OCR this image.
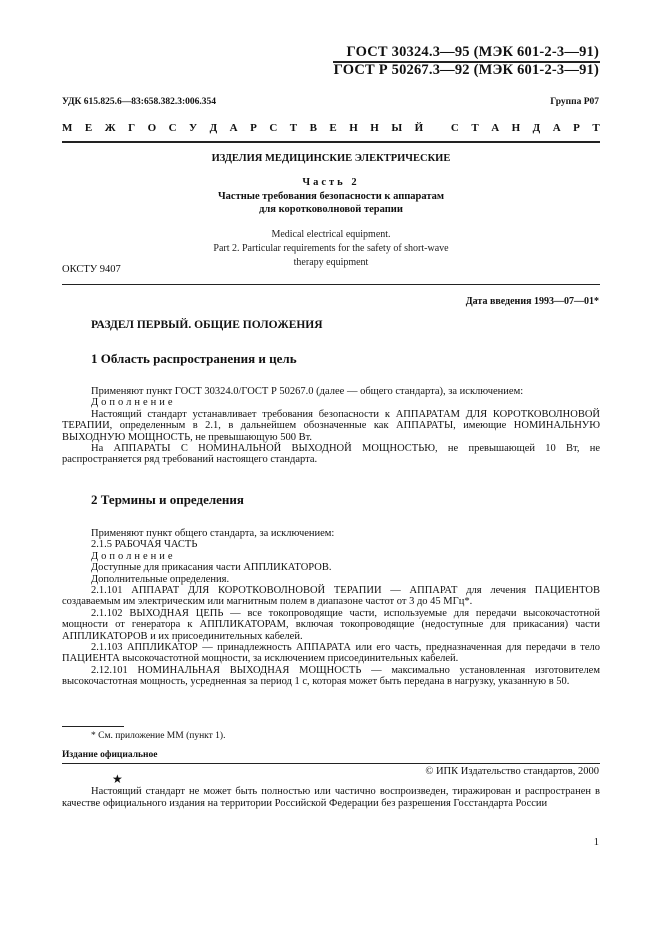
ГОСТ 30324.3—95 (МЭК 601-2-3—91)
ГОСТ Р 50267.3—92 (МЭК 601-2-3—91)
УДК 615.825.6—83:658.382.3:006.354	Группа Р07
М Е Ж Г О С У Д А Р С Т В Е Н Н Ы Й
	С Т А Н Д А Р Т
ИЗДЕЛИЯ МЕДИЦИНСКИЕ ЭЛЕКТРИЧЕСКИЕ
Часть 2
Частные требования безопасности к аппаратам
для коротковолновой терапии
Medical electrical equipment.
Part 2. Particular requirements for the safety of short-wave
therapy equipment
ОКСТУ 9407
Дата введения 1993—07—01*
РАЗДЕЛ ПЕРВЫЙ. ОБЩИЕ ПОЛОЖЕНИЯ
1 Область распространения и цель

Применяют пункт ГОСТ 30324.0/ГОСТ Р 50267.0 (далее — общего стандарта), за исключением:

Дополнение

Настоящий стандарт устанавливает требования безопасности к АППАРАТАМ ДЛЯ КОРОТКОВОЛНОВОЙ ТЕРАПИИ, определенным в 2.1, в дальнейшем обозначенные как АППАРАТЫ, имеющие НОМИНАЛЬНУЮ ВЫХОДНУЮ МОЩНОСТЬ, не превышающую 500 Вт.

На АППАРАТЫ С НОМИНАЛЬНОЙ ВЫХОДНОЙ МОЩНОСТЬЮ, не превышающей 10 Вт, не распространяется ряд требований настоящего стандарта.

2 Термины и определения

Применяют пункт общего стандарта, за исключением:

2.1.5 РАБОЧАЯ ЧАСТЬ

Дополнение

Доступные для прикасания части АППЛИКАТОРОВ.

Дополнительные определения.

2.1.101 АППАРАТ ДЛЯ КОРОТКОВОЛНОВОЙ ТЕРАПИИ — АППАРАТ для лечения ПАЦИЕНТОВ создаваемым им электрическим или магнитным полем в диапазоне частот от 3 до 45 МГц*.

2.1.102 ВЫХОДНАЯ ЦЕПЬ — все токопроводящие части, используемые для передачи высокочастотной мощности от генератора к АППЛИКАТОРАМ, включая токопроводящие (недоступные для прикасания) части АППЛИКАТОРОВ и их присоединительных кабелей.

2.1.103 АППЛИКАТОР — принадлежность АППАРАТА или его часть, предназначенная для передачи в тело ПАЦИЕНТА высокочастотной мощности, за исключением присоединительных кабелей.

2.12.101 НОМИНАЛЬНАЯ ВЫХОДНАЯ МОЩНОСТЬ — максимально установленная изготовителем высокочастотная мощность, усредненная за период 1 с, которая может быть передана в нагрузку, указанную в 50.

* См. приложение ММ (пункт 1).
Издание официальное
© ИПК Издательство стандартов, 2000
★

Настоящий стандарт не может быть полностью или частично воспроизведен, тиражирован и распространен в качестве официального издания на территории Российской Федерации без разрешения Госстандарта России

1
